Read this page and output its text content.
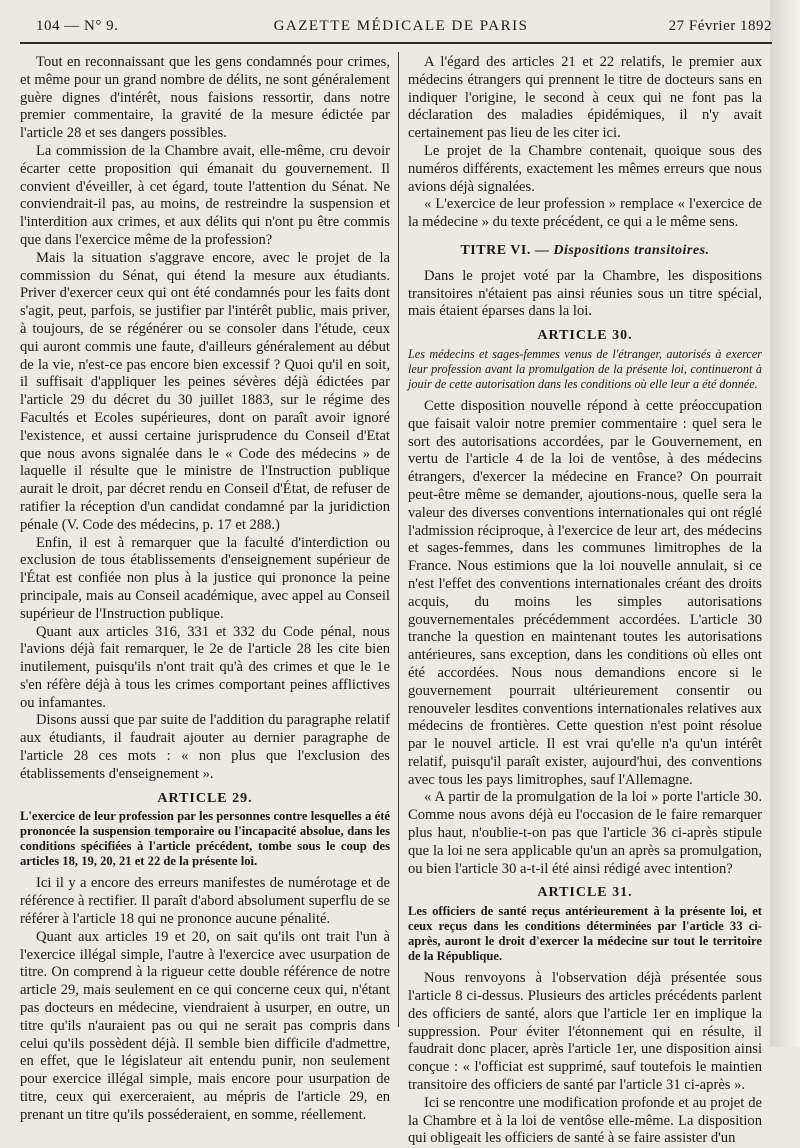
104 — N° 9.	GAZETTE MÉDICALE DE PARIS	27 Février 1892

Tout en reconnaissant que les gens condamnés pour crimes, et même pour un grand nombre de délits, ne sont généralement guère dignes d'intérêt, nous faisions ressortir, dans notre premier commentaire, la gravité de la mesure édictée par l'article 28 et ses dangers possibles.

La commission de la Chambre avait, elle-même, cru devoir écarter cette proposition qui émanait du gouvernement. Il convient d'éveiller, à cet égard, toute l'attention du Sénat. Ne conviendrait-il pas, au moins, de restreindre la suspension et l'interdition aux crimes, et aux délits qui n'ont pu être commis que dans l'exercice même de la profession?

Mais la situation s'aggrave encore, avec le projet de la commission du Sénat, qui étend la mesure aux étudiants. Priver d'exercer ceux qui ont été condamnés pour les faits dont s'agit, peut, parfois, se justifier par l'intérêt public, mais priver, à toujours, de se régénérer ou se consoler dans l'étude, ceux qui auront commis une faute, d'ailleurs généralement au début de la vie, n'est-ce pas encore bien excessif ? Quoi qu'il en soit, il suffisait d'appliquer les peines sévères déjà édictées par l'article 29 du décret du 30 juillet 1883, sur le régime des Facultés et Ecoles supérieures, dont on paraît avoir ignoré l'existence, et aussi certaine jurisprudence du Conseil d'Etat que nous avons signalée dans le « Code des médecins » de laquelle il résulte que le ministre de l'Instruction publique aurait le droit, par décret rendu en Conseil d'État, de refuser de ratifier la réception d'un candidat condamné par la juridiction pénale (V. Code des médecins, p. 17 et 288.)

Enfin, il est à remarquer que la faculté d'interdiction ou exclusion de tous établissements d'enseignement supérieur de l'État est confiée non plus à la justice qui prononce la peine principale, mais au Conseil académique, avec appel au Conseil supérieur de l'Instruction publique.

Quant aux articles 316, 331 et 332 du Code pénal, nous l'avions déjà fait remarquer, le 2e de l'article 28 les cite bien inutilement, puisqu'ils n'ont trait qu'à des crimes et que le 1e s'en réfère déjà à tous les crimes comportant peines afflictives ou infamantes.

Disons aussi que par suite de l'addition du paragraphe relatif aux étudiants, il faudrait ajouter au dernier paragraphe de l'article 28 ces mots : « non plus que l'exclusion des établissements d'enseignement ».

ARTICLE 29.

L'exercice de leur profession par les personnes contre lesquelles a été prononcée la suspension temporaire ou l'incapacité absolue, dans les conditions spécifiées à l'article précédent, tombe sous le coup des articles 18, 19, 20, 21 et 22 de la présente loi.

Ici il y a encore des erreurs manifestes de numérotage et de référence à rectifier. Il paraît d'abord absolument superflu de se référer à l'article 18 qui ne prononce aucune pénalité.

Quant aux articles 19 et 20, on sait qu'ils ont trait l'un à l'exercice illégal simple, l'autre à l'exercice avec usurpation de titre. On comprend à la rigueur cette double référence de notre article 29, mais seulement en ce qui concerne ceux qui, n'étant pas docteurs en médecine, viendraient à usurper, en outre, un titre qu'ils n'auraient pas ou qui ne serait pas compris dans celui qu'ils possèdent déjà. Il semble bien difficile d'admettre, en effet, que le législateur ait entendu punir, non seulement pour exercice illégal simple, mais encore pour usurpation de titre, ceux qui exerceraient, au mépris de l'article 29, en prenant un titre qu'ils posséderaient, en somme, réellement.

A l'égard des articles 21 et 22 relatifs, le premier aux médecins étrangers qui prennent le titre de docteurs sans en indiquer l'origine, le second à ceux qui ne font pas la déclaration des maladies épidémiques, il n'y avait certainement pas lieu de les citer ici.

Le projet de la Chambre contenait, quoique sous des numéros différents, exactement les mêmes erreurs que nous avions déjà signalées.

« L'exercice de leur profession » remplace « l'exercice de la médecine » du texte précédent, ce qui a le même sens.

TITRE VI. — Dispositions transitoires.

Dans le projet voté par la Chambre, les dispositions transitoires n'étaient pas ainsi réunies sous un titre spécial, mais étaient éparses dans la loi.

ARTICLE 30.

Les médecins et sages-femmes venus de l'étranger, autorisés à exercer leur profession avant la promulgation de la présente loi, continueront à jouir de cette autorisation dans les conditions où elle leur a été donnée.

Cette disposition nouvelle répond à cette préoccupation que faisait valoir notre premier commentaire : quel sera le sort des autorisations accordées, par le Gouvernement, en vertu de l'article 4 de la loi de ventôse, à des médecins étrangers, d'exercer la médecine en France? On pourrait peut-être même se demander, ajoutions-nous, quelle sera la valeur des diverses conventions internationales qui ont réglé l'admission réciproque, à l'exercice de leur art, des médecins et sages-femmes, dans les communes limitrophes de la France. Nous estimions que la loi nouvelle annulait, si ce n'est l'effet des conventions internationales créant des droits acquis, du moins les simples autorisations gouvernementales précédemment accordées. L'article 30 tranche la question en maintenant toutes les autorisations antérieures, sans exception, dans les conditions où elles ont été accordées. Nous nous demandions encore si le gouvernement pourrait ultérieurement consentir ou renouveler lesdites conventions internationales relatives aux médecins de frontières. Cette question n'est point résolue par le nouvel article. Il est vrai qu'elle n'a qu'un intérêt relatif, puisqu'il paraît exister, aujourd'hui, des conventions avec tous les pays limitrophes, sauf l'Allemagne.

« A partir de la promulgation de la loi » porte l'article 30. Comme nous avons déjà eu l'occasion de le faire remarquer plus haut, n'oublie-t-on pas que l'article 36 ci-après stipule que la loi ne sera applicable qu'un an après sa promulgation, ou bien l'article 30 a-t-il été ainsi rédigé avec intention?

ARTICLE 31.

Les officiers de santé reçus antérieurement à la présente loi, et ceux reçus dans les conditions déterminées par l'article 33 ci-après, auront le droit d'exercer la médecine sur tout le territoire de la République.

Nous renvoyons à l'observation déjà présentée sous l'article 8 ci-dessus. Plusieurs des articles précédents parlent des officiers de santé, alors que l'article 1er en implique la suppression. Pour éviter l'étonnement qui en résulte, il faudrait donc placer, après l'article 1er, une disposition ainsi conçue : « l'officiat est supprimé, sauf toutefois le maintien transitoire des officiers de santé par l'article 31 ci-après ».

Ici se rencontre une modification profonde et au projet de la Chambre et à la loi de ventôse elle-même. La disposition qui obligeait les officiers de santé à se faire assister d'un
